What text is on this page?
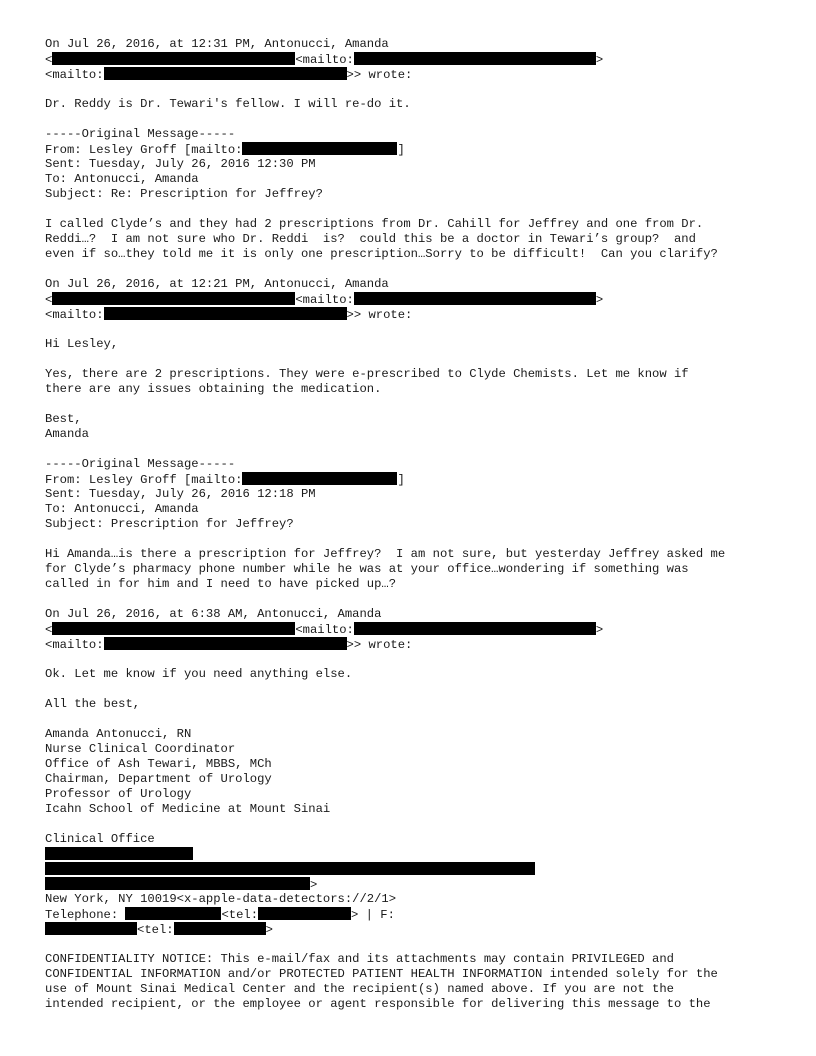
On Jul 26, 2016, at 12:31 PM, Antonucci, Amanda
<	<mailto:	>
<mailto:	>> wrote:
Dr. Reddy is Dr. Tewari's fellow. I will re-do it.
-----Original Message-----
From: Lesley Groff [mailto:	]
Sent: Tuesday, July 26, 2016 12:30 PM
To: Antonucci, Amanda
Subject: Re: Prescription for Jeffrey?
I called Clyde’s and they had 2 prescriptions from Dr. Cahill for Jeffrey and one from Dr.
Reddi…?  I am not sure who Dr. Reddi  is?  could this be a doctor in Tewari’s group?  and
even if so…they told me it is only one prescription…Sorry to be difficult!  Can you clarify?
On Jul 26, 2016, at 12:21 PM, Antonucci, Amanda
<	<mailto:	>
<mailto:	>> wrote:
Hi Lesley,
Yes, there are 2 prescriptions. They were e-prescribed to Clyde Chemists. Let me know if
there are any issues obtaining the medication.
Best,
Amanda
-----Original Message-----
From: Lesley Groff [mailto:	]
Sent: Tuesday, July 26, 2016 12:18 PM
To: Antonucci, Amanda
Subject: Prescription for Jeffrey?
Hi Amanda…is there a prescription for Jeffrey?  I am not sure, but yesterday Jeffrey asked me
for Clyde’s pharmacy phone number while he was at your office…wondering if something was
called in for him and I need to have picked up…?
On Jul 26, 2016, at 6:38 AM, Antonucci, Amanda
<	<mailto:	>
<mailto:	>> wrote:
Ok. Let me know if you need anything else.
All the best,
Amanda Antonucci, RN
Nurse Clinical Coordinator
Office of Ash Tewari, MBBS, MCh
Chairman, Department of Urology
Professor of Urology
Icahn School of Medicine at Mount Sinai
Clinical Office
>
New York, NY 10019<x-apple-data-detectors://2/1>
Telephone:	<tel:	> | F:
<tel:	>
CONFIDENTIALITY NOTICE: This e-mail/fax and its attachments may contain PRIVILEGED and
CONFIDENTIAL INFORMATION and/or PROTECTED PATIENT HEALTH INFORMATION intended solely for the
use of Mount Sinai Medical Center and the recipient(s) named above. If you are not the
intended recipient, or the employee or agent responsible for delivering this message to the
